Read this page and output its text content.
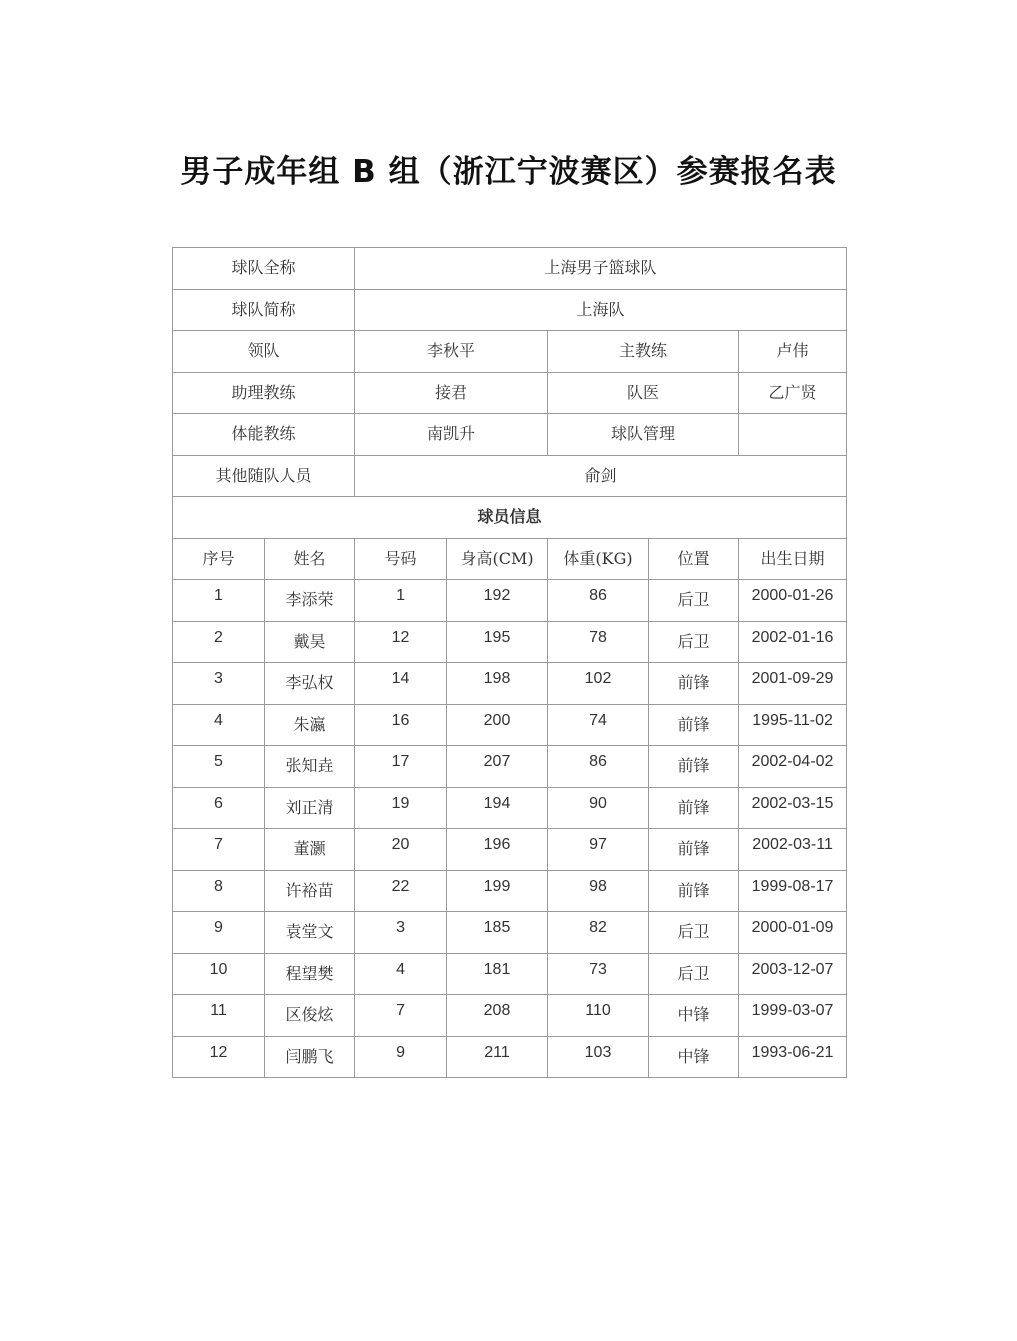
男子成年组 B 组（浙江宁波赛区）参赛报名表
球队全称		上海男子篮球队				
球队简称		上海队				
领队		李秋平		主教练		卢伟
助理教练		接君		队医		乙广贤
体能教练		南凯升		球队管理		
其他随队人员		俞剑				
球员信息						
序号	姓名	号码	身高(CM)	体重(KG)	位置	出生日期
1	李添荣	1	192	86	后卫	2000-01-26
2	戴昊	12	195	78	后卫	2002-01-16
3	李弘权	14	198	102	前锋	2001-09-29
4	朱瀛	16	200	74	前锋	1995-11-02
5	张知垚	17	207	86	前锋	2002-04-02
6	刘正清	19	194	90	前锋	2002-03-15
7	董灏	20	196	97	前锋	2002-03-11
8	许裕苗	22	199	98	前锋	1999-08-17
9	袁堂文	3	185	82	后卫	2000-01-09
10	程望樊	4	181	73	后卫	2003-12-07
11	区俊炫	7	208	110	中锋	1999-03-07
12	闫鹏飞	9	211	103	中锋	1993-06-21
